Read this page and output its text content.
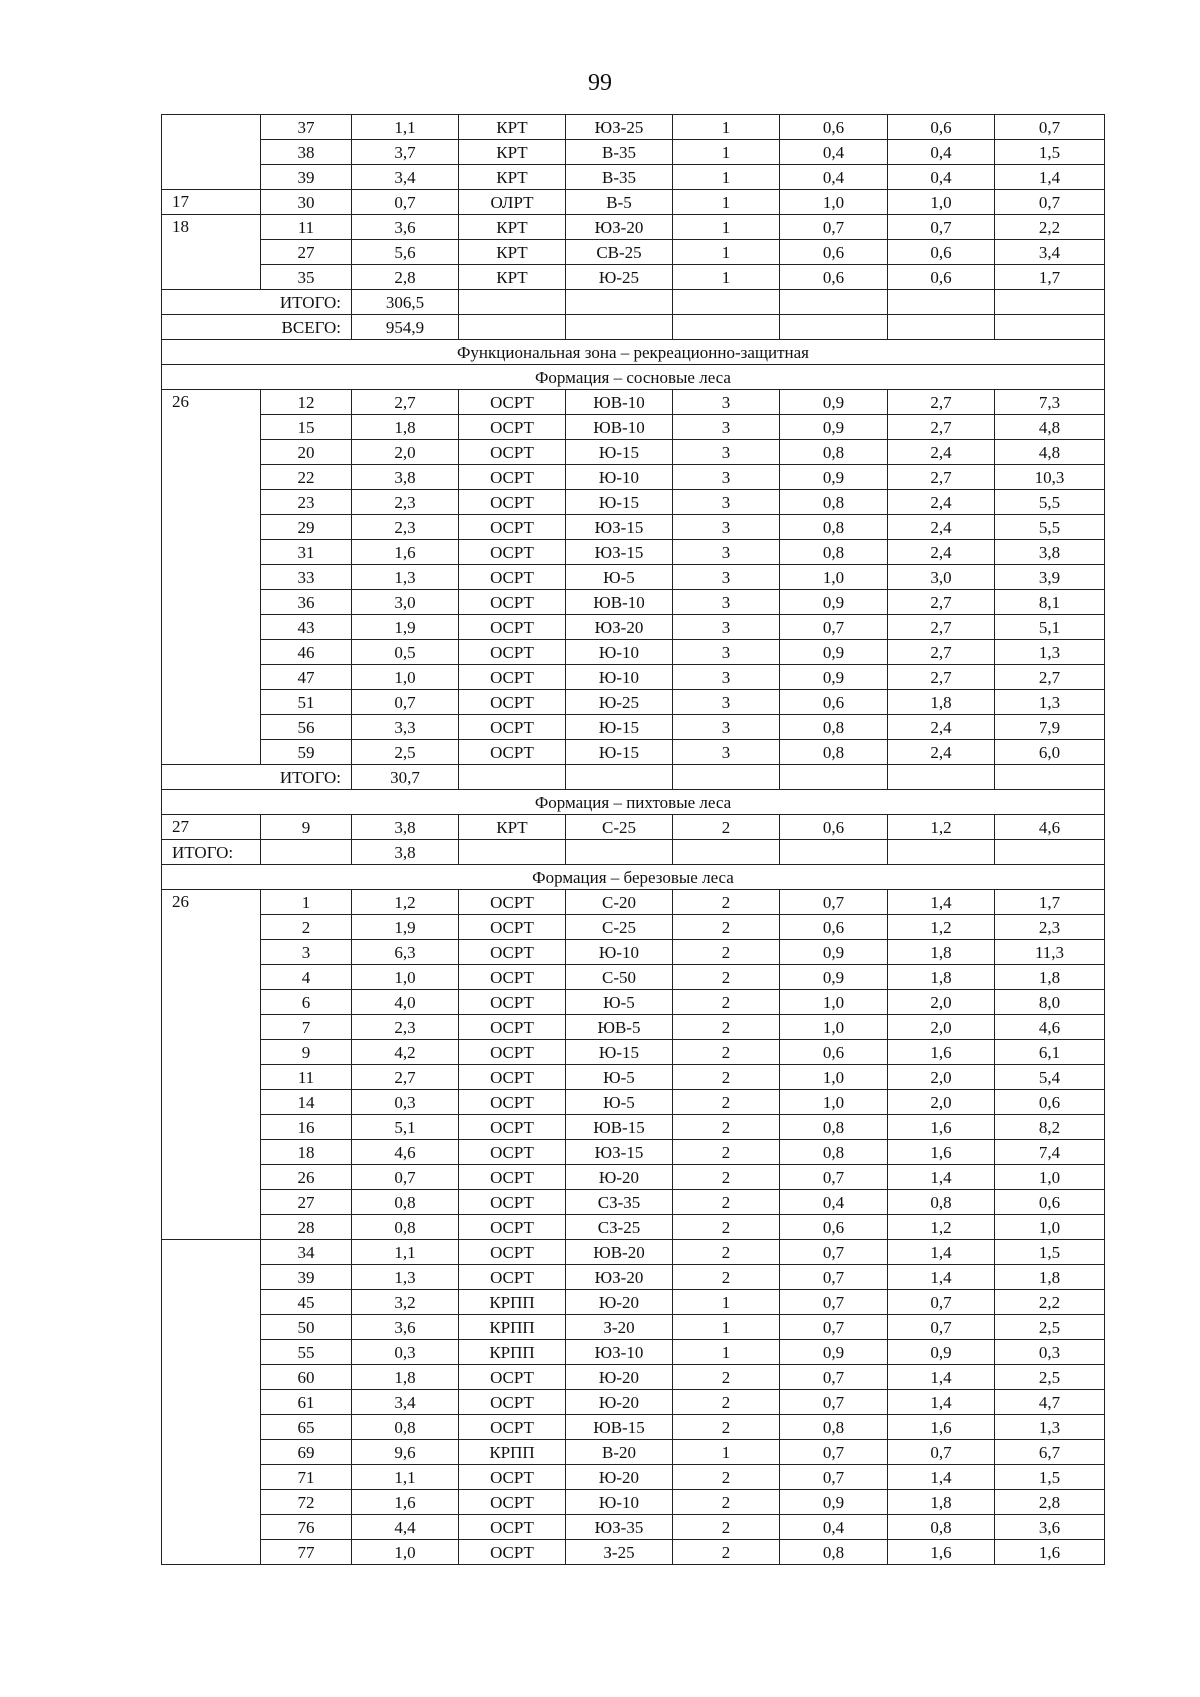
99
	37	1,1	КРТ	ЮЗ-25	1	0,6	0,6	0,7
	38	3,7	КРТ	В-35	1	0,4	0,4	1,5
	39	3,4	КРТ	В-35	1	0,4	0,4	1,4
17	30	0,7	ОЛРТ	В-5	1	1,0	1,0	0,7
18	11	3,6	КРТ	ЮЗ-20	1	0,7	0,7	2,2
	27	5,6	КРТ	СВ-25	1	0,6	0,6	3,4
	35	2,8	КРТ	Ю-25	1	0,6	0,6	1,7
ИТОГО:		306,5						
ВСЕГО:		954,9						
Функциональная зона – рекреационно-защитная								
Формация – сосновые леса								
26	12	2,7	ОСРТ	ЮВ-10	3	0,9	2,7	7,3
	15	1,8	ОСРТ	ЮВ-10	3	0,9	2,7	4,8
	20	2,0	ОСРТ	Ю-15	3	0,8	2,4	4,8
	22	3,8	ОСРТ	Ю-10	3	0,9	2,7	10,3
	23	2,3	ОСРТ	Ю-15	3	0,8	2,4	5,5
	29	2,3	ОСРТ	ЮЗ-15	3	0,8	2,4	5,5
	31	1,6	ОСРТ	ЮЗ-15	3	0,8	2,4	3,8
	33	1,3	ОСРТ	Ю-5	3	1,0	3,0	3,9
	36	3,0	ОСРТ	ЮВ-10	3	0,9	2,7	8,1
	43	1,9	ОСРТ	ЮЗ-20	3	0,7	2,7	5,1
	46	0,5	ОСРТ	Ю-10	3	0,9	2,7	1,3
	47	1,0	ОСРТ	Ю-10	3	0,9	2,7	2,7
	51	0,7	ОСРТ	Ю-25	3	0,6	1,8	1,3
	56	3,3	ОСРТ	Ю-15	3	0,8	2,4	7,9
	59	2,5	ОСРТ	Ю-15	3	0,8	2,4	6,0
ИТОГО:		30,7						
Формация – пихтовые леса								
27	9	3,8	КРТ	С-25	2	0,6	1,2	4,6
ИТОГО:		3,8						
Формация – березовые леса								
26	1	1,2	ОСРТ	С-20	2	0,7	1,4	1,7
	2	1,9	ОСРТ	С-25	2	0,6	1,2	2,3
	3	6,3	ОСРТ	Ю-10	2	0,9	1,8	11,3
	4	1,0	ОСРТ	С-50	2	0,9	1,8	1,8
	6	4,0	ОСРТ	Ю-5	2	1,0	2,0	8,0
	7	2,3	ОСРТ	ЮВ-5	2	1,0	2,0	4,6
	9	4,2	ОСРТ	Ю-15	2	0,6	1,6	6,1
	11	2,7	ОСРТ	Ю-5	2	1,0	2,0	5,4
	14	0,3	ОСРТ	Ю-5	2	1,0	2,0	0,6
	16	5,1	ОСРТ	ЮВ-15	2	0,8	1,6	8,2
	18	4,6	ОСРТ	ЮЗ-15	2	0,8	1,6	7,4
	26	0,7	ОСРТ	Ю-20	2	0,7	1,4	1,0
	27	0,8	ОСРТ	СЗ-35	2	0,4	0,8	0,6
	28	0,8	ОСРТ	СЗ-25	2	0,6	1,2	1,0
	34	1,1	ОСРТ	ЮВ-20	2	0,7	1,4	1,5
	39	1,3	ОСРТ	ЮЗ-20	2	0,7	1,4	1,8
	45	3,2	КРПП	Ю-20	1	0,7	0,7	2,2
	50	3,6	КРПП	З-20	1	0,7	0,7	2,5
	55	0,3	КРПП	ЮЗ-10	1	0,9	0,9	0,3
	60	1,8	ОСРТ	Ю-20	2	0,7	1,4	2,5
	61	3,4	ОСРТ	Ю-20	2	0,7	1,4	4,7
	65	0,8	ОСРТ	ЮВ-15	2	0,8	1,6	1,3
	69	9,6	КРПП	В-20	1	0,7	0,7	6,7
	71	1,1	ОСРТ	Ю-20	2	0,7	1,4	1,5
	72	1,6	ОСРТ	Ю-10	2	0,9	1,8	2,8
	76	4,4	ОСРТ	ЮЗ-35	2	0,4	0,8	3,6
	77	1,0	ОСРТ	З-25	2	0,8	1,6	1,6
